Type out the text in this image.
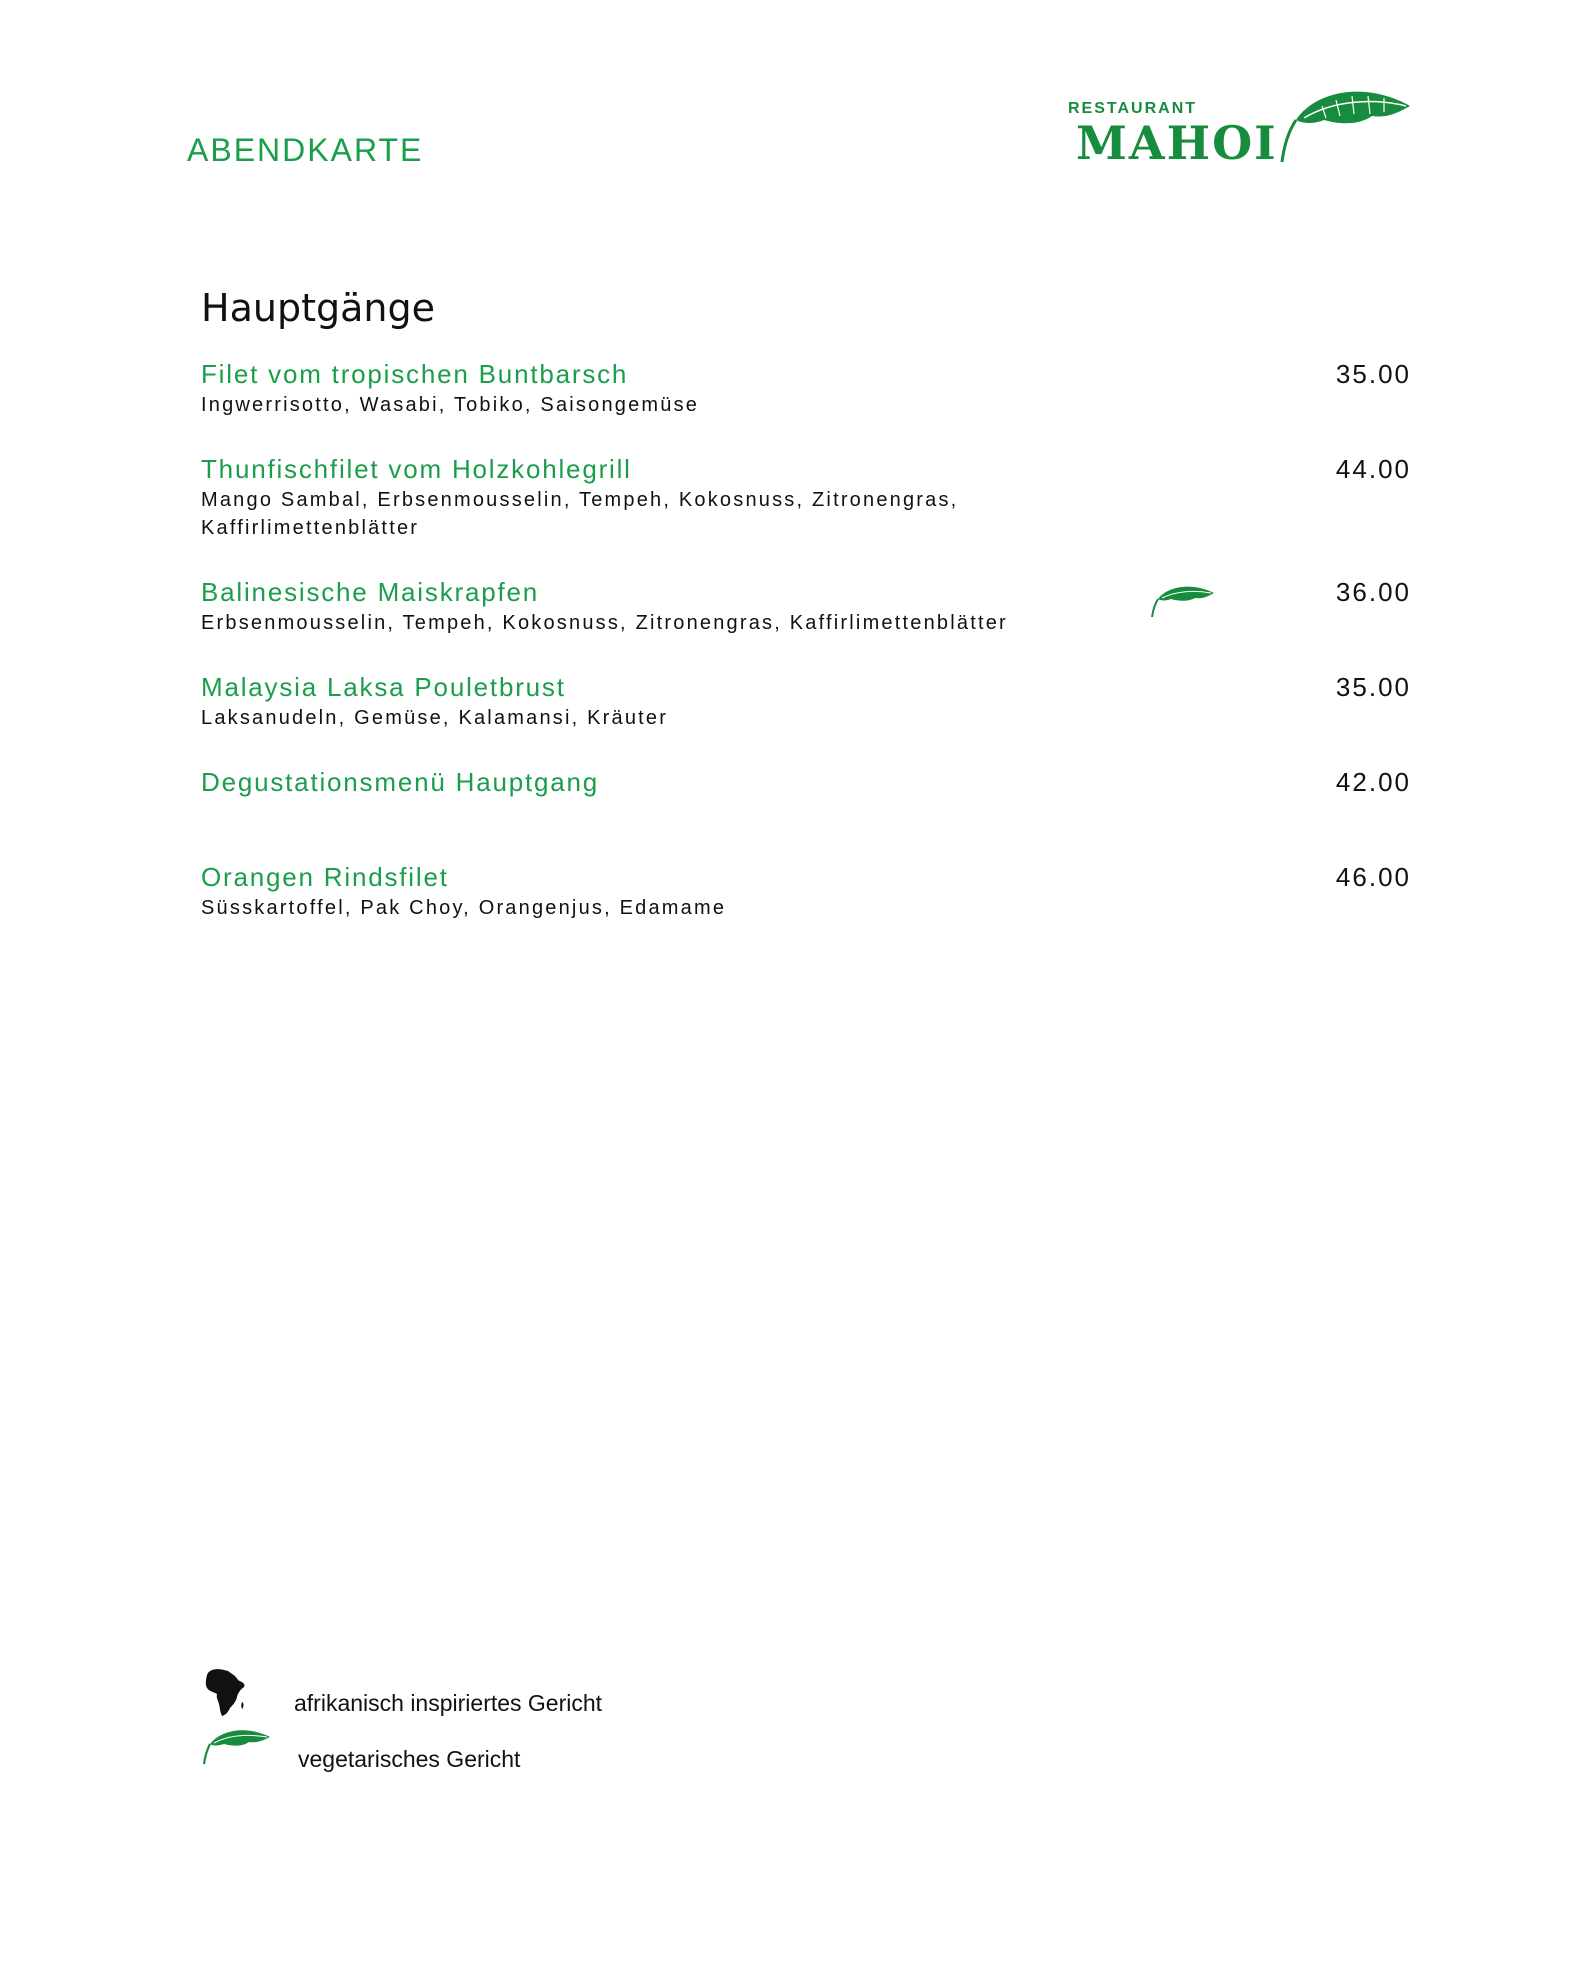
ABENDKARTE
RESTAURANT
MAHOI
Hauptgänge
Filet vom tropischen Buntbarsch
Ingwerrisotto, Wasabi, Tobiko, Saisongemüse
35.00
Thunfischfilet vom Holzkohlegrill
Mango Sambal, Erbsenmousselin, Tempeh, Kokosnuss, Zitronengras, Kaffirlimettenblätter
44.00
Balinesische Maiskrapfen
Erbsenmousselin, Tempeh, Kokosnuss, Zitronengras, Kaffirlimettenblätter
36.00
Malaysia Laksa Pouletbrust
Laksanudeln, Gemüse, Kalamansi, Kräuter
35.00
Degustationsmenü Hauptgang	42.00
Orangen Rindsfilet
Süsskartoffel, Pak Choy, Orangenjus, Edamame
46.00
afrikanisch inspiriertes Gericht
vegetarisches Gericht
